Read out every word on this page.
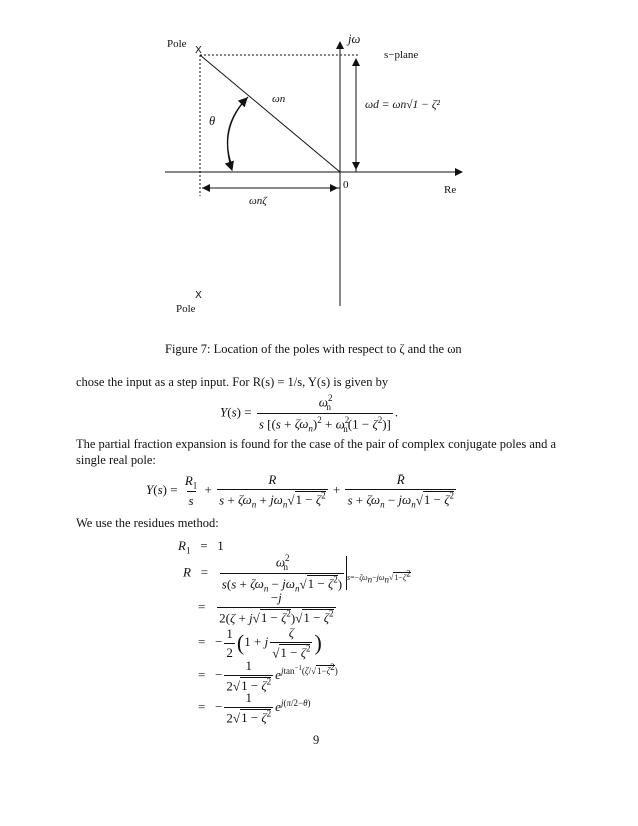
Pole
X
jω
s−plane
ωn
θ
ωd = ωn√1 − ζ²
0	Re
ωnζ
X
Pole
Figure 7: Location of the poles with respect to ζ and the ωn
chose the input as a step input. For R(s) = 1/s, Y(s) is given by
$Y(s) = \frac{\omega^2_n}{s [(s + \zeta\omega_n)^2 + \omega^2_n(1 - \zeta^2)]}$ .
The partial fraction expansion is found for the case of the pair of complex conjugate poles and a
single real pole:
$Y(s) = \frac{R_1}{s} + \frac{R}{s + \zeta\omega_n + j\omega_n√1 - \zeta^2} + \frac{R̄}{s + \zeta\omega_n - j\omega_n√1 - \zeta^2}$
We use the residues method:
$R_1 = 1$
$R = \frac{\omega^2_n}{s(s + \zeta\omega_n - j\omega_n√1 - \zeta^2)} _{s=-\zeta\omega_n-j\omega_n√1-\zeta^2}$
= $\frac{-j}{2(\zeta + j√1 - \zeta^2)√1 - \zeta^2}$
=   − $\frac{1}{2} (1 + j \frac{\zeta}{√1 - \zeta^2}$ )
=   − $\frac{1}{2√1 - \zeta^2} e^{jtan^{-1}(\zeta/√1-\zeta^2)}$
=   − $\frac{1}{2√1 - \zeta^2} e^{j(\pi/2-\theta)}$
9
